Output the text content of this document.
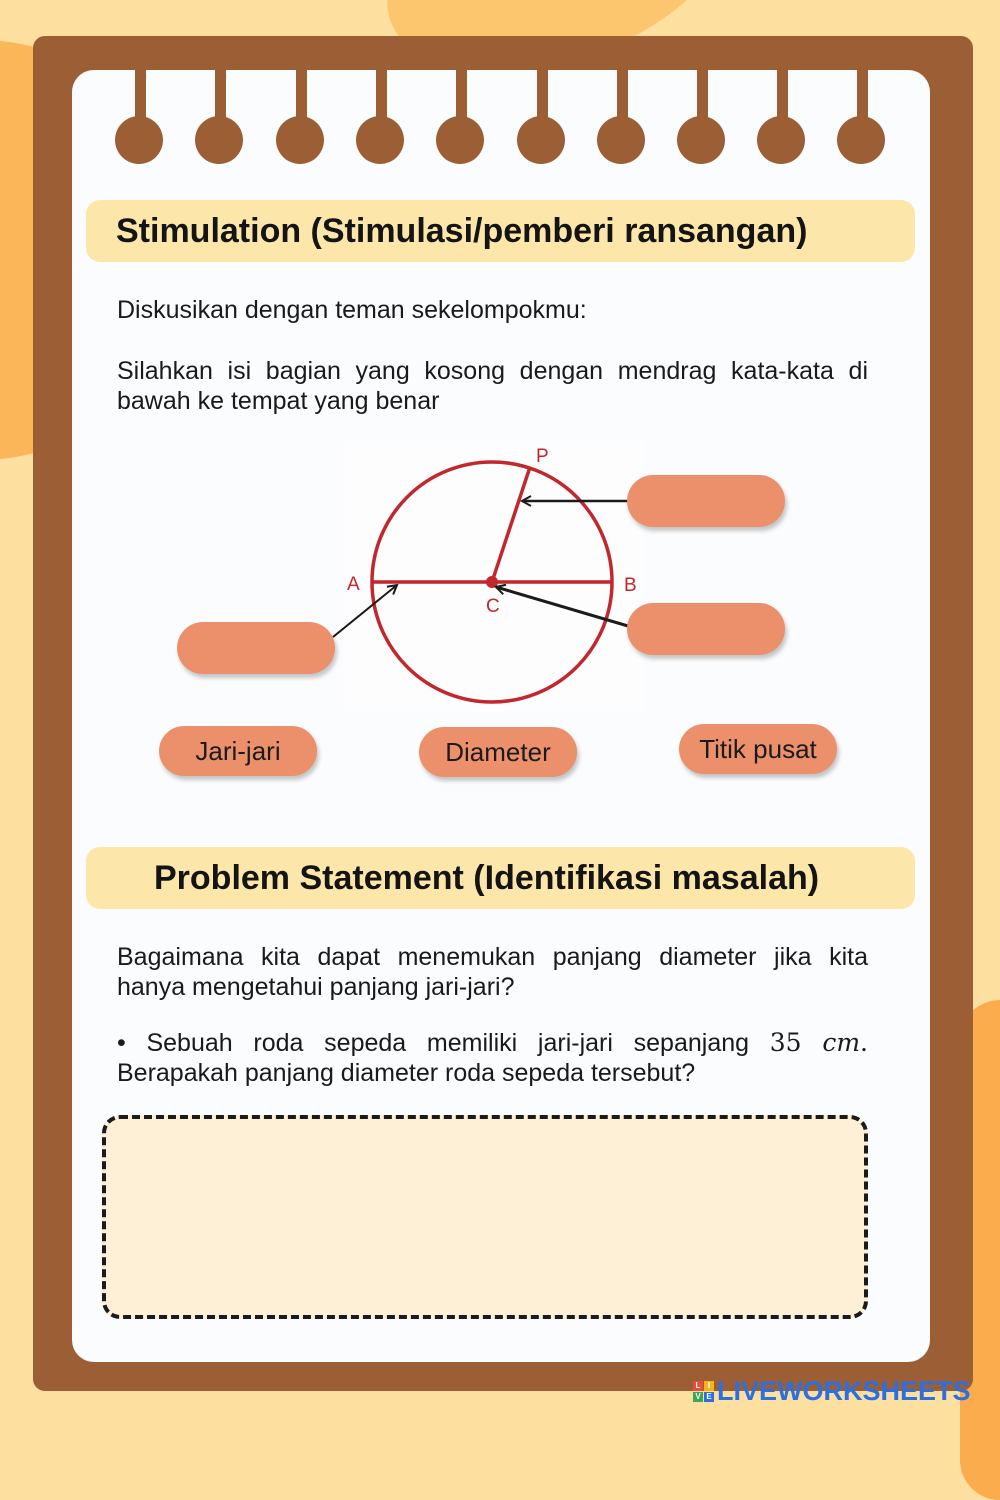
Stimulation (Stimulasi/pemberi ransangan)

Diskusikan dengan teman sekelompokmu:

Silahkan isi bagian yang kosong dengan mendrag kata-kata di bawah ke tempat yang benar

P
A	B
C
Jari-jari	Diameter	Titik pusat
Problem Statement (Identifikasi masalah)

Bagaimana kita dapat menemukan panjang diameter jika kita hanya mengetahui panjang jari-jari?

• Sebuah roda sepeda memiliki jari-jari sepanjang 35 cm. Berapakah panjang diameter roda sepeda tersebut?

L I
V E LIVEWORKSHEETS
